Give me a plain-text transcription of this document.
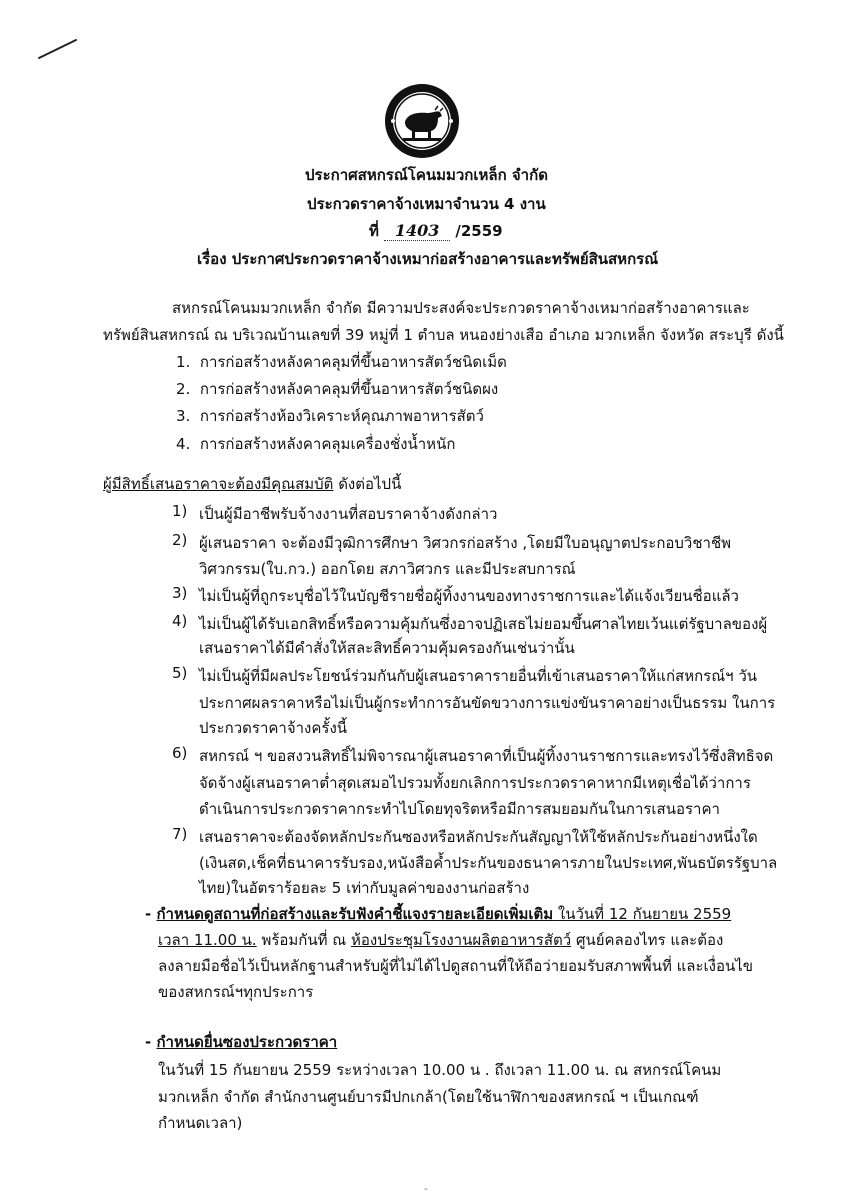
ประกาศสหกรณ์โคนมมวกเหล็ก จำกัด
ประกวดราคาจ้างเหมาจำนวน 4 งาน
ที่ 1403 /2559
เรื่อง ประกาศประกวดราคาจ้างเหมาก่อสร้างอาคารและทรัพย์สินสหกรณ์
สหกรณ์โคนมมวกเหล็ก จำกัด มีความประสงค์จะประกวดราคาจ้างเหมาก่อสร้างอาคารและ
ทรัพย์สินสหกรณ์ ณ บริเวณบ้านเลขที่ 39 หมู่ที่ 1 ตำบล หนองย่างเสือ อำเภอ มวกเหล็ก จังหวัด สระบุรี ดังนี้
1. การก่อสร้างหลังคาคลุมที่ขึ้นอาหารสัตว์ชนิดเม็ด
2. การก่อสร้างหลังคาคลุมที่ขึ้นอาหารสัตว์ชนิดผง
3. การก่อสร้างห้องวิเคราะห์คุณภาพอาหารสัตว์
4. การก่อสร้างหลังคาคลุมเครื่องชั่งน้ำหนัก
ผู้มีสิทธิ์เสนอราคาจะต้องมีคุณสมบัติ ดังต่อไปนี้
1) เป็นผู้มีอาชีพรับจ้างงานที่สอบราคาจ้างดังกล่าว
2) ผู้เสนอราคา จะต้องมีวุฒิการศึกษา วิศวกรก่อสร้าง ,โดยมีใบอนุญาตประกอบวิชาชีพ
วิศวกรรม(ใบ.กว.) ออกโดย สภาวิศวกร และมีประสบการณ์
3) ไม่เป็นผู้ที่ถูกระบุชื่อไว้ในบัญชีรายชื่อผู้ทิ้งงานของทางราชการและได้แจ้งเวียนชื่อแล้ว
4) ไม่เป็นผู้ได้รับเอกสิทธิ์หรือความคุ้มกันซึ่งอาจปฏิเสธไม่ยอมขึ้นศาลไทยเว้นแต่รัฐบาลของผู้
เสนอราคาได้มีคำสั่งให้สละสิทธิ์ความคุ้มครองกันเช่นว่านั้น
5) ไม่เป็นผู้ที่มีผลประโยชน์ร่วมกันกับผู้เสนอราคารายอื่นที่เข้าเสนอราคาให้แก่สหกรณ์ฯ วัน
ประกาศผลราคาหรือไม่เป็นผู้กระทำการอันขัดขวางการแข่งขันราคาอย่างเป็นธรรม ในการ
ประกวดราคาจ้างครั้งนี้
6) สหกรณ์ ฯ ขอสงวนสิทธิ์ไม่พิจารณาผู้เสนอราคาที่เป็นผู้ทิ้งงานราชการและทรงไว้ซึ่งสิทธิจด
จัดจ้างผู้เสนอราคาต่ำสุดเสมอไปรวมทั้งยกเลิกการประกวดราคาหากมีเหตุเชื่อได้ว่าการ
ดำเนินการประกวดราคากระทำไปโดยทุจริตหรือมีการสมยอมกันในการเสนอราคา
7) เสนอราคาจะต้องจัดหลักประกันซองหรือหลักประกันสัญญาให้ใช้หลักประกันอย่างหนึ่งใด
(เงินสด,เช็คที่ธนาคารรับรอง,หนังสือค้ำประกันของธนาคารภายในประเทศ,พันธบัตรรัฐบาล
ไทย)ในอัตราร้อยละ 5 เท่ากับมูลค่าของงานก่อสร้าง
- กำหนดดูสถานที่ก่อสร้างและรับฟังคำชี้แจงรายละเอียดเพิ่มเติม ในวันที่ 12 กันยายน 2559
เวลา 11.00 น. พร้อมกันที่ ณ ห้องประชุมโรงงานผลิตอาหารสัตว์ ศูนย์คลองไทร และต้อง
ลงลายมือชื่อไว้เป็นหลักฐานสำหรับผู้ที่ไม่ได้ไปดูสถานที่ให้ถือว่ายอมรับสภาพพื้นที่ และเงื่อนไข
ของสหกรณ์ฯทุกประการ
- กำหนดยื่นซองประกวดราคา
ในวันที่ 15 กันยายน 2559 ระหว่างเวลา 10.00 น . ถึงเวลา 11.00 น. ณ สหกรณ์โคนม
มวกเหล็ก จำกัด สำนักงานศูนย์บารมีปกเกล้า(โดยใช้นาฬิกาของสหกรณ์ ฯ เป็นเกณฑ์
กำหนดเวลา)
-
